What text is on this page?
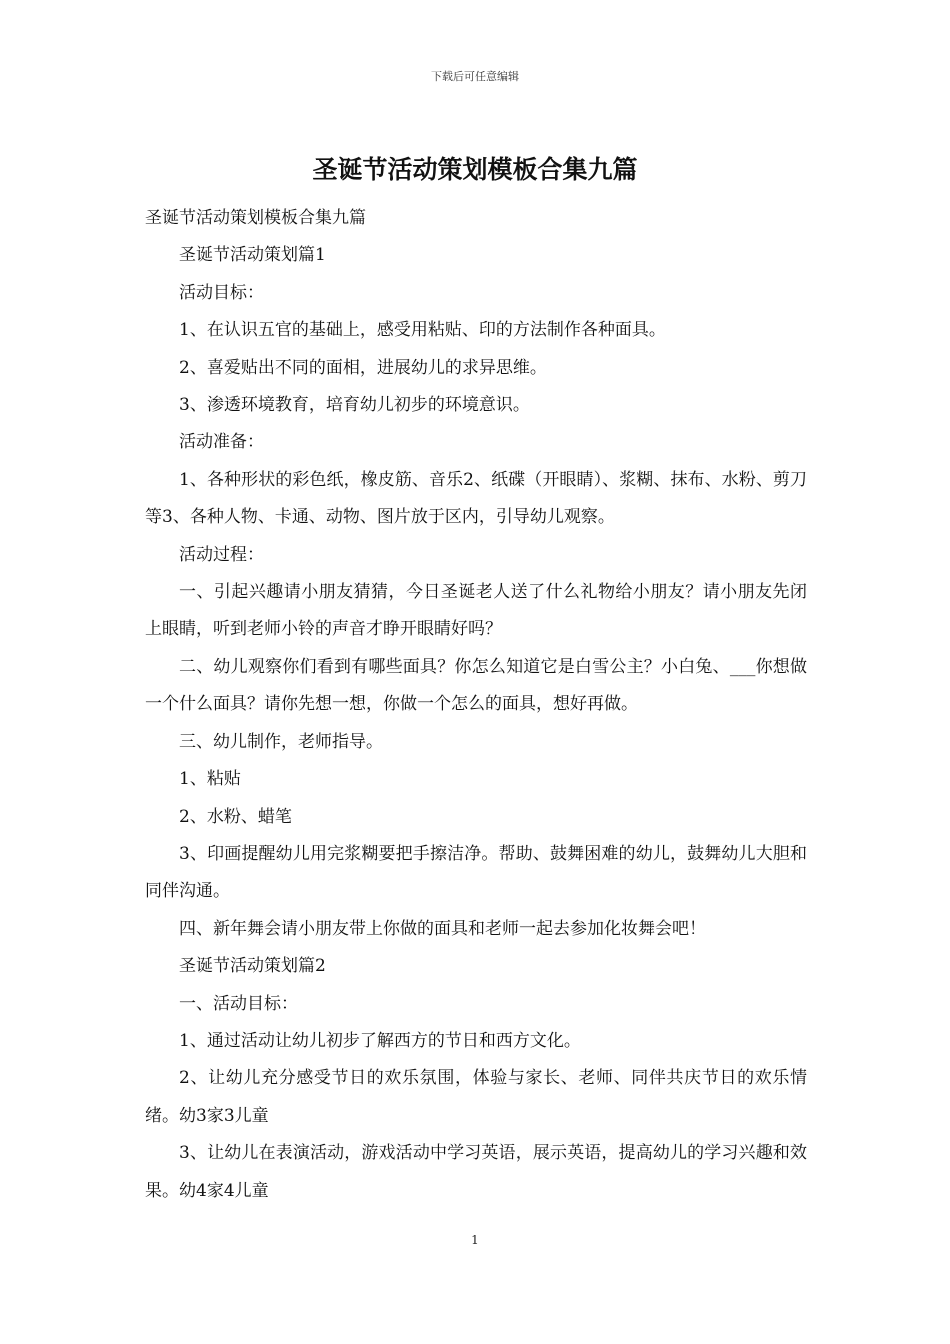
下载后可任意编辑
圣诞节活动策划模板合集九篇

圣诞节活动策划模板合集九篇

圣诞节活动策划篇1

活动目标：

1、在认识五官的基础上，感受用粘贴、印的方法制作各种面具。

2、喜爱贴出不同的面相，进展幼儿的求异思维。

3、渗透环境教育，培育幼儿初步的环境意识。

活动准备：

1、各种形状的彩色纸，橡皮筋、音乐2、纸碟（开眼睛）、浆糊、抹布、水粉、剪刀等3、各种人物、卡通、动物、图片放于区内，引导幼儿观察。

活动过程：

一、引起兴趣请小朋友猜猜，今日圣诞老人送了什么礼物给小朋友？请小朋友先闭上眼睛，听到老师小铃的声音才睁开眼睛好吗？

二、幼儿观察你们看到有哪些面具？你怎么知道它是白雪公主？小白兔、___你想做一个什么面具？请你先想一想，你做一个怎么的面具，想好再做。

三、幼儿制作，老师指导。

1、粘贴

2、水粉、蜡笔

3、印画提醒幼儿用完浆糊要把手擦洁净。帮助、鼓舞困难的幼儿，鼓舞幼儿大胆和同伴沟通。

四、新年舞会请小朋友带上你做的面具和老师一起去参加化妆舞会吧！

圣诞节活动策划篇2

一、活动目标：

1、通过活动让幼儿初步了解西方的节日和西方文化。

2、让幼儿充分感受节日的欢乐氛围，体验与家长、老师、同伴共庆节日的欢乐情绪。幼3家3儿童

3、让幼儿在表演活动，游戏活动中学习英语，展示英语，提高幼儿的学习兴趣和效果。幼4家4儿童

1
